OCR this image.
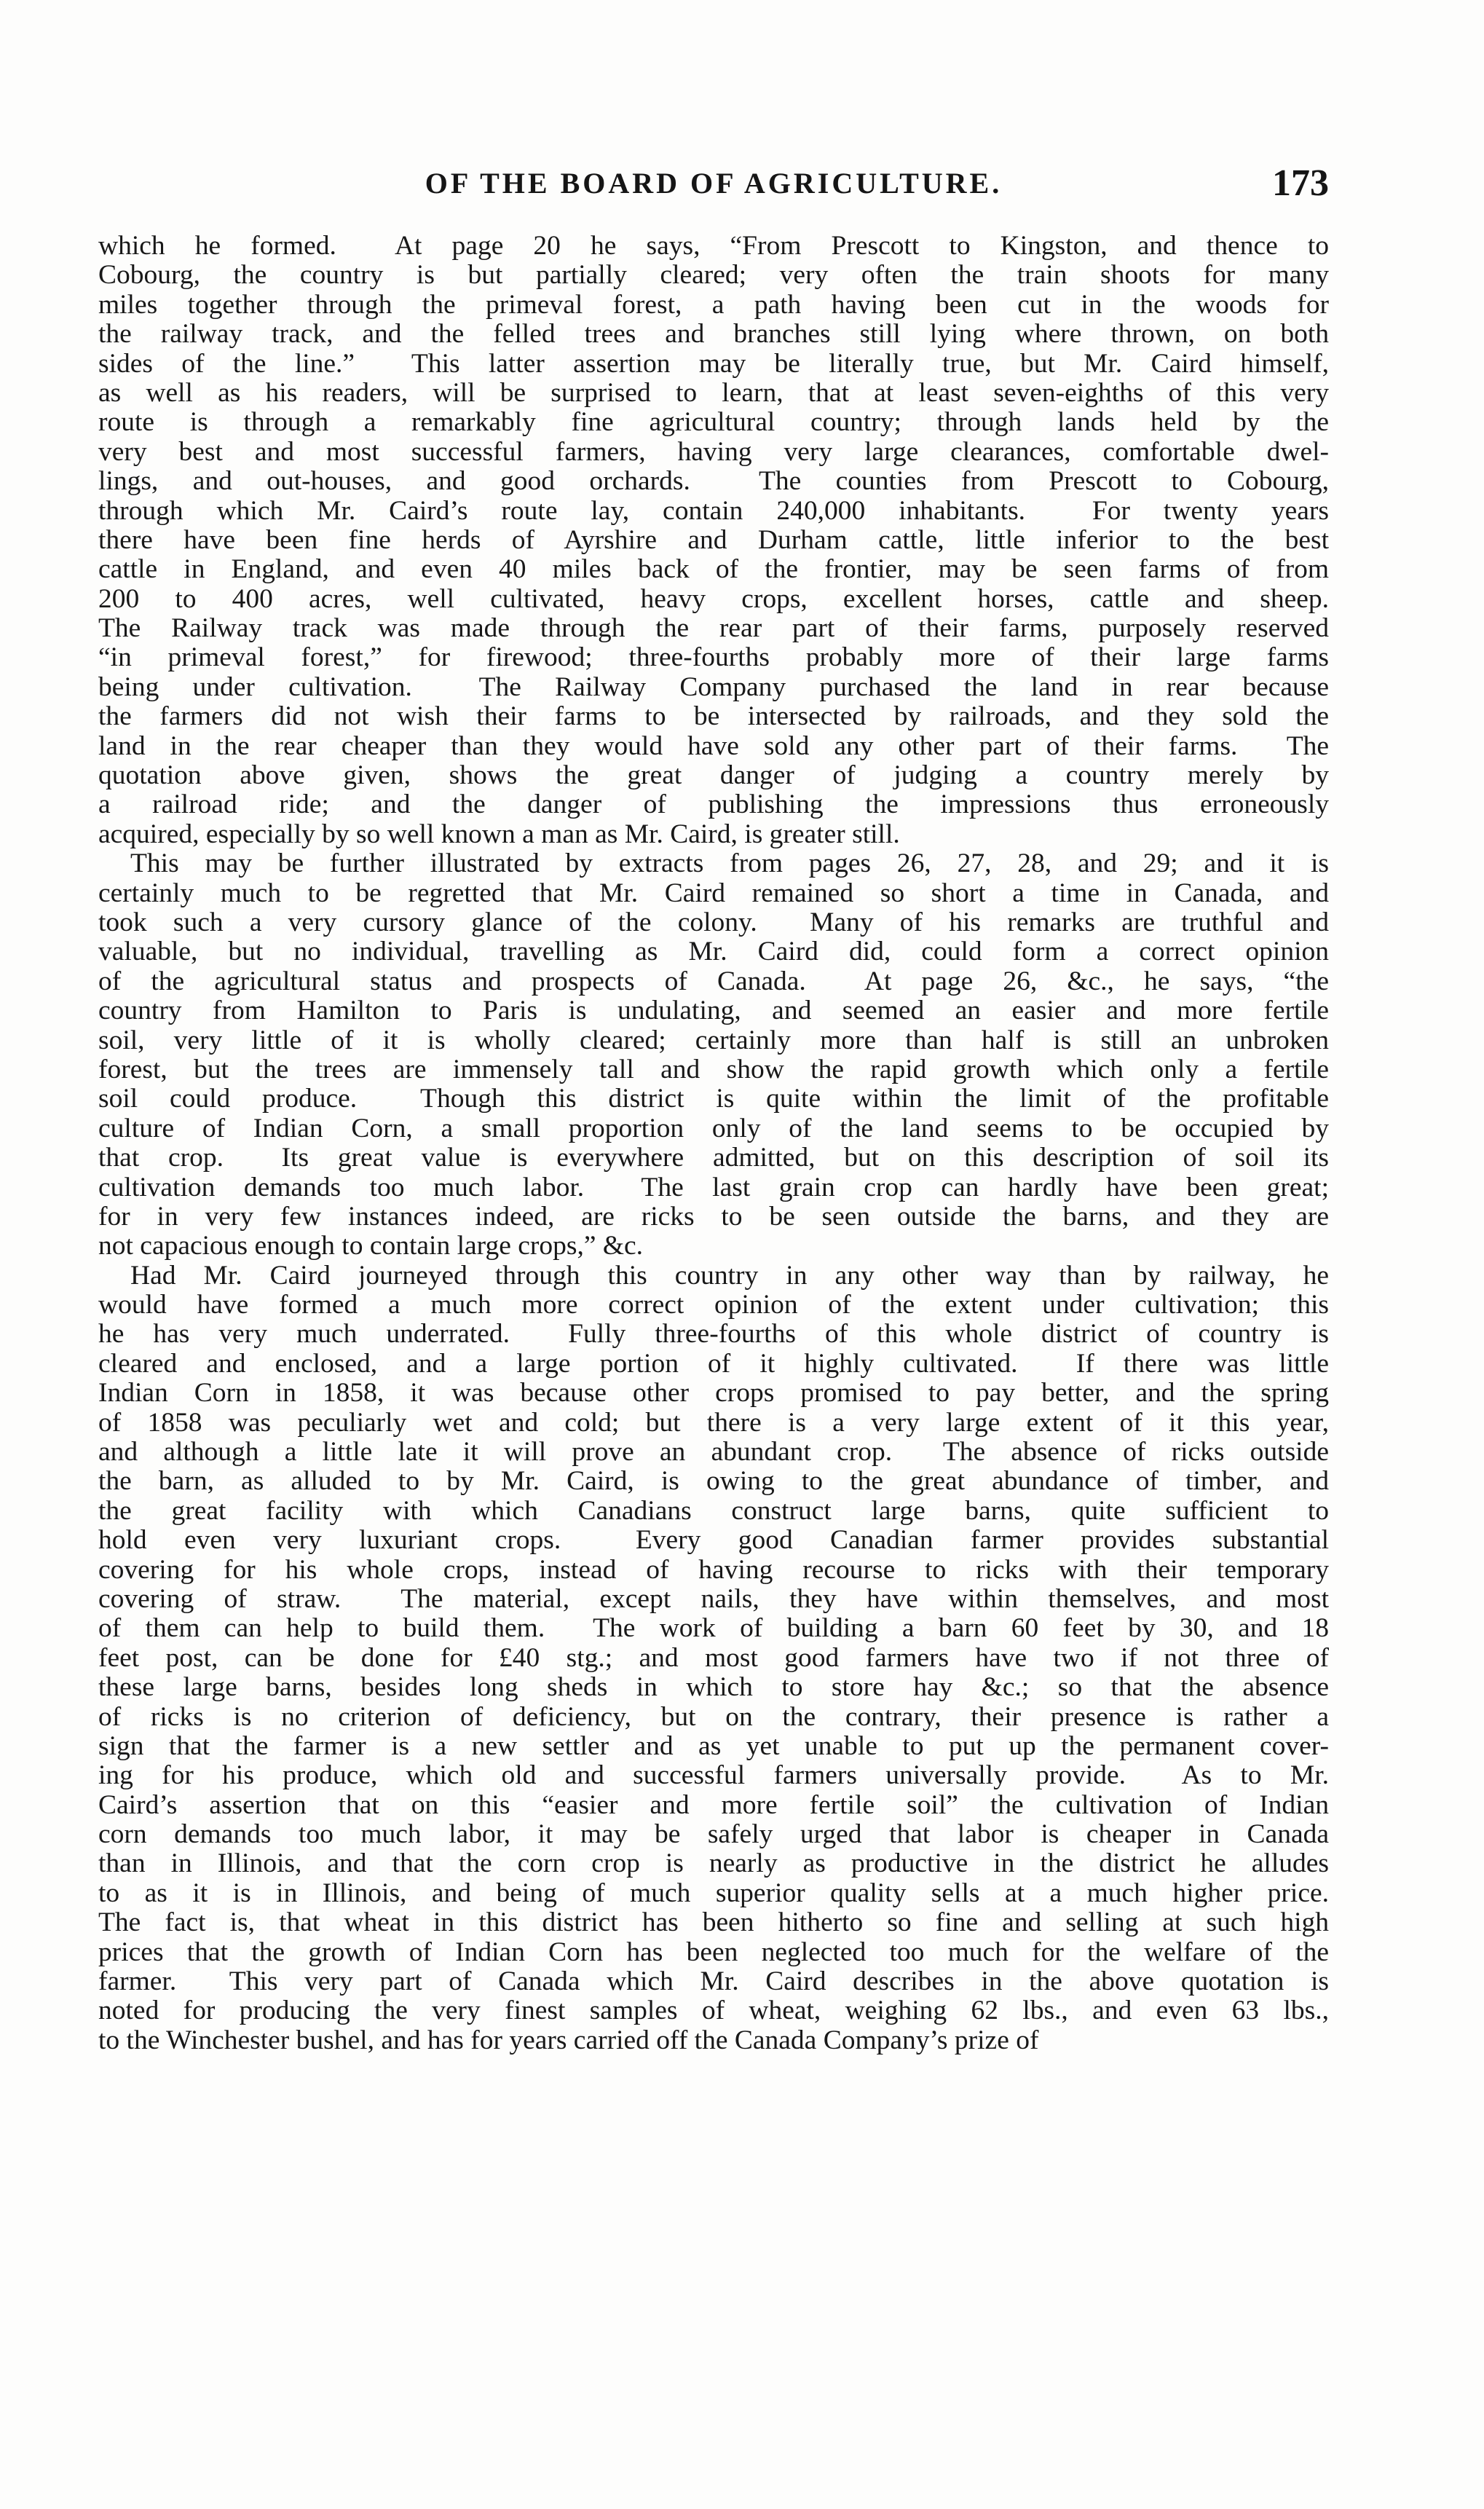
OF THE BOARD OF AGRICULTURE.	173
which he formed.  At page 20 he says, “From Prescott to Kingston, and thence to
Cobourg, the country is but partially cleared; very often the train shoots for many
miles together through the primeval forest, a path having been cut in the woods for
the railway track, and the felled trees and branches still lying where thrown, on both
sides of the line.”  This latter assertion may be literally true, but Mr. Caird himself,
as well as his readers, will be surprised to learn, that at least seven-eighths of this very
route is through a remarkably fine agricultural country; through lands held by the
very best and most successful farmers, having very large clearances, comfortable dwel-
lings, and out-houses, and good orchards.  The counties from Prescott to Cobourg,
through which Mr. Caird’s route lay, contain 240,000 inhabitants.  For twenty years
there have been fine herds of Ayrshire and Durham cattle, little inferior to the best
cattle in England, and even 40 miles back of the frontier, may be seen farms of from
200 to 400 acres, well cultivated, heavy crops, excellent horses, cattle and sheep.
The Railway track was made through the rear part of their farms, purposely reserved
“in primeval forest,” for firewood; three-fourths probably more of their large farms
being under cultivation.  The Railway Company purchased the land in rear because
the farmers did not wish their farms to be intersected by railroads, and they sold the
land in the rear cheaper than they would have sold any other part of their farms.  The
quotation above given, shows the great danger of judging a country merely by
a railroad ride; and the danger of publishing the impressions thus erroneously
acquired, especially by so well known a man as Mr. Caird, is greater still.
This may be further illustrated by extracts from pages 26, 27, 28, and 29; and it is
certainly much to be regretted that Mr. Caird remained so short a time in Canada, and
took such a very cursory glance of the colony.  Many of his remarks are truthful and
valuable, but no individual, travelling as Mr. Caird did, could form a correct opinion
of the agricultural status and prospects of Canada.  At page 26, &c., he says, “the
country from Hamilton to Paris is undulating, and seemed an easier and more fertile
soil, very little of it is wholly cleared; certainly more than half is still an unbroken
forest, but the trees are immensely tall and show the rapid growth which only a fertile
soil could produce.  Though this district is quite within the limit of the profitable
culture of Indian Corn, a small proportion only of the land seems to be occupied by
that crop.  Its great value is everywhere admitted, but on this description of soil its
cultivation demands too much labor.  The last grain crop can hardly have been great;
for in very few instances indeed, are ricks to be seen outside the barns, and they are
not capacious enough to contain large crops,” &c.
Had Mr. Caird journeyed through this country in any other way than by railway, he
would have formed a much more correct opinion of the extent under cultivation; this
he has very much underrated.  Fully three-fourths of this whole district of country is
cleared and enclosed, and a large portion of it highly cultivated.  If there was little
Indian Corn in 1858, it was because other crops promised to pay better, and the spring
of 1858 was peculiarly wet and cold; but there is a very large extent of it this year,
and although a little late it will prove an abundant crop.  The absence of ricks outside
the barn, as alluded to by Mr. Caird, is owing to the great abundance of timber, and
the great facility with which Canadians construct large barns, quite sufficient to
hold even very luxuriant crops.  Every good Canadian farmer provides substantial
covering for his whole crops, instead of having recourse to ricks with their temporary
covering of straw.  The material, except nails, they have within themselves, and most
of them can help to build them.  The work of building a barn 60 feet by 30, and 18
feet post, can be done for £40 stg.; and most good farmers have two if not three of
these large barns, besides long sheds in which to store hay &c.; so that the absence
of ricks is no criterion of deficiency, but on the contrary, their presence is rather a
sign that the farmer is a new settler and as yet unable to put up the permanent cover-
ing for his produce, which old and successful farmers universally provide.  As to Mr.
Caird’s assertion that on this “easier and more fertile soil” the cultivation of Indian
corn demands too much labor, it may be safely urged that labor is cheaper in Canada
than in Illinois, and that the corn crop is nearly as productive in the district he alludes
to as it is in Illinois, and being of much superior quality sells at a much higher price.
The fact is, that wheat in this district has been hitherto so fine and selling at such high
prices that the growth of Indian Corn has been neglected too much for the welfare of the
farmer.  This very part of Canada which Mr. Caird describes in the above quotation is
noted for producing the very finest samples of wheat, weighing 62 lbs., and even 63 lbs.,
to the Winchester bushel, and has for years carried off the Canada Company’s prize of
